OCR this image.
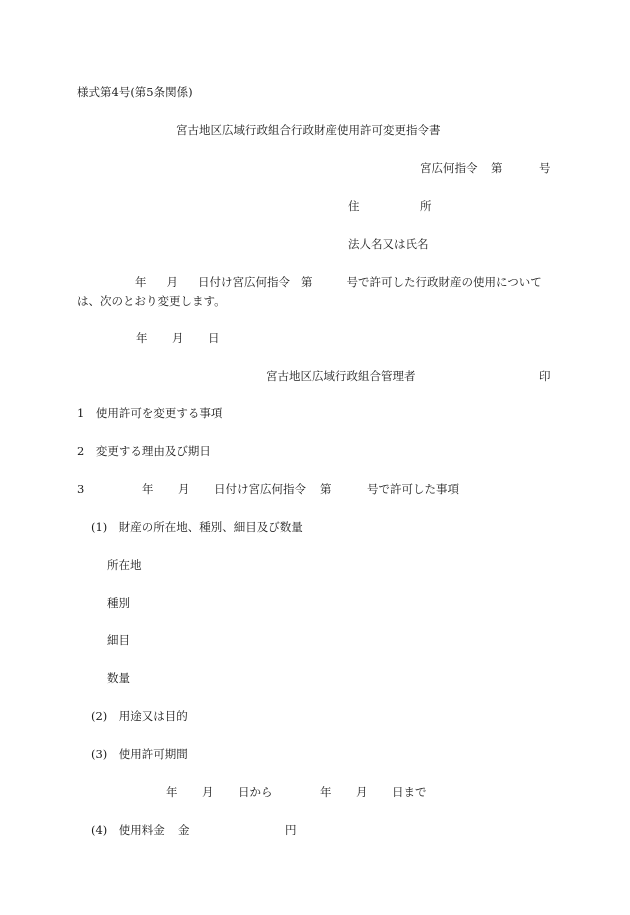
様式第4号(第5条関係)
宮古地区広域行政組合行政財産使用許可変更指令書
宮広何指令 第	号
住	所
法人名又は氏名
年 月 日付け宮広何指令 第	号で許可した行政財産の使用については、次のとおり変更します。
年 月 日
宮古地区広域行政組合管理者	印
1　使用許可を変更する事項
2　変更する理由及び期日
3	年 月 日付け宮広何指令 第	号で許可した事項
(1)　財産の所在地、種別、細目及び数量
所在地
種別
細目
数量
(2)　用途又は目的
(3)　使用許可期間
年 月 日から	年 月 日まで
(4)　使用料金 金	円
